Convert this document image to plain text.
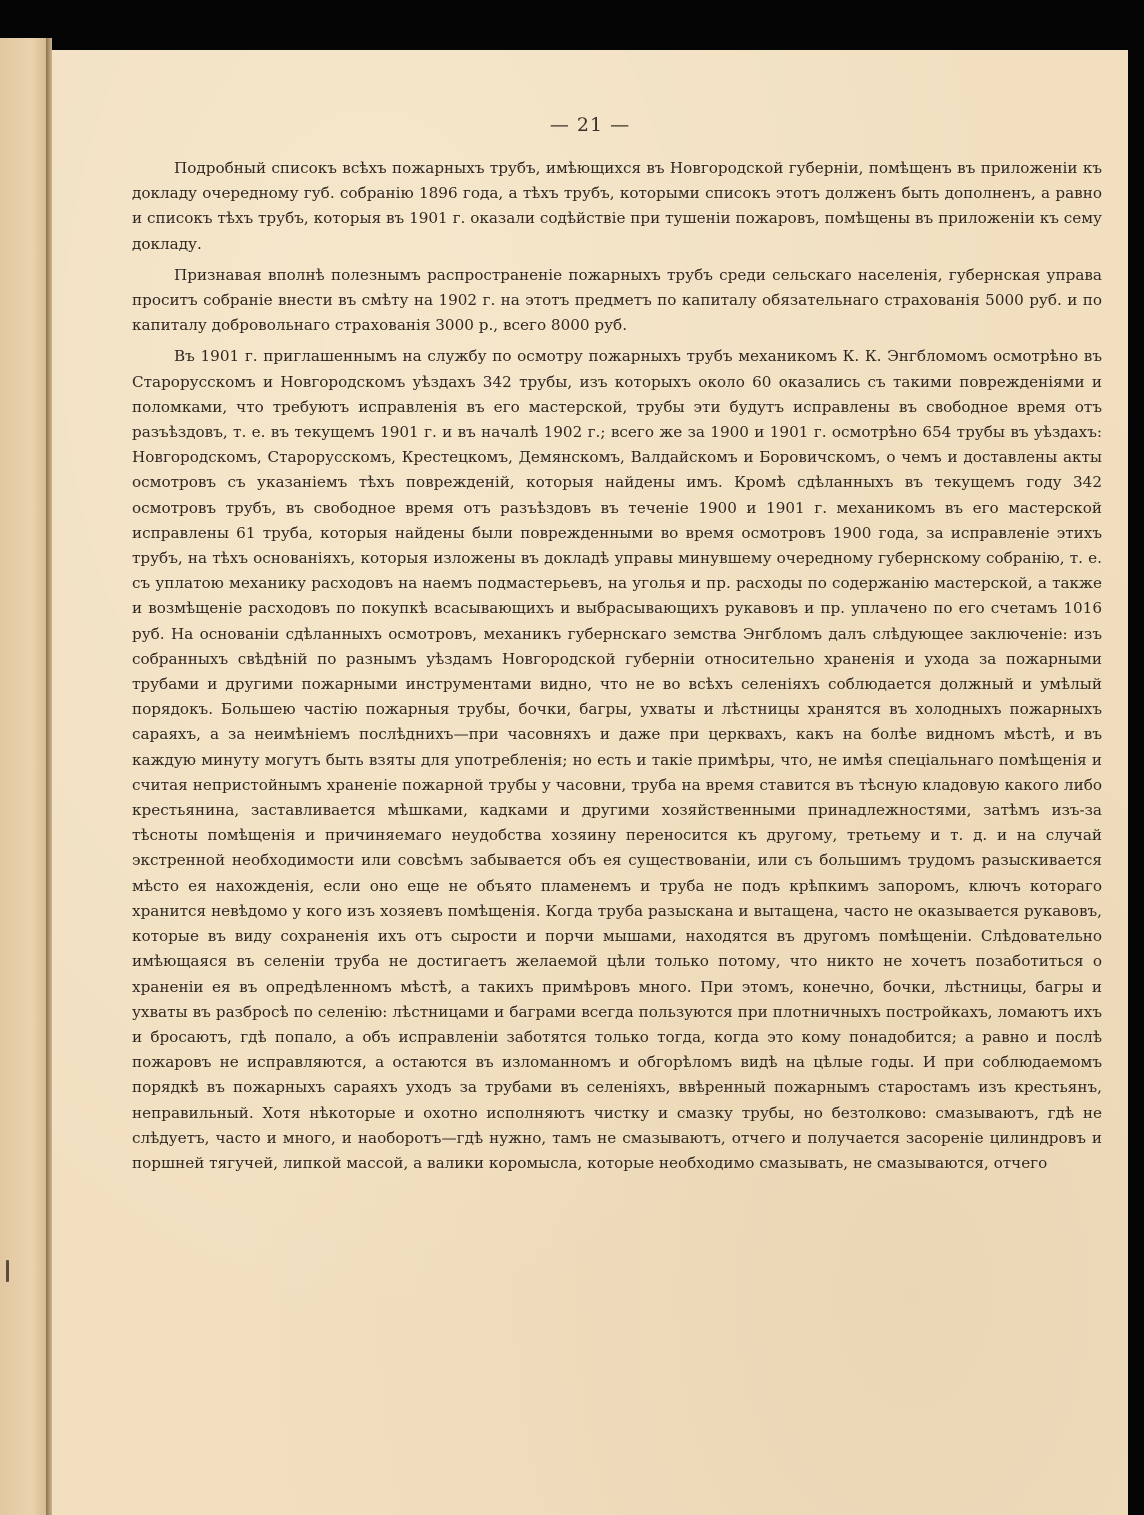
— 21 —

Подробный списокъ всѣхъ пожарныхъ трубъ, имѣющихся въ Новгородской губерніи, помѣщенъ въ приложеніи къ докладу очередному губ. собранію 1896 года, а тѣхъ трубъ, которыми списокъ этотъ долженъ быть дополненъ, а равно и списокъ тѣхъ трубъ, которыя въ 1901 г. оказали содѣйствіе при тушеніи пожаровъ, помѣщены въ приложеніи къ сему докладу.

Признавая вполнѣ полезнымъ распространеніе пожарныхъ трубъ среди сельскаго населенія, губернская управа проситъ собраніе внести въ смѣту на 1902 г. на этотъ предметъ по капиталу обязательнаго страхованія 5000 руб. и по капиталу добровольнаго страхованія 3000 р., всего 8000 руб.

Въ 1901 г. приглашеннымъ на службу по осмотру пожарныхъ трубъ механикомъ К. К. Энгбломомъ осмотрѣно въ Старорусскомъ и Новгородскомъ уѣздахъ 342 трубы, изъ которыхъ около 60 оказались съ такими поврежденіями и поломками, что требуютъ исправленія въ его мастерской, трубы эти будутъ исправлены въ свободное время отъ разъѣздовъ, т. е. въ текущемъ 1901 г. и въ началѣ 1902 г.; всего же за 1900 и 1901 г. осмотрѣно 654 трубы въ уѣздахъ: Новгородскомъ, Старорусскомъ, Крестецкомъ, Демянскомъ, Валдайскомъ и Боровичскомъ, о чемъ и доставлены акты осмотровъ съ указаніемъ тѣхъ повреждeній, которыя найдены имъ. Кромѣ сдѣланныхъ въ текущемъ году 342 осмотровъ трубъ, въ свободное время отъ разъѣздовъ въ теченіе 1900 и 1901 г. механикомъ въ его мастерской исправлены 61 труба, которыя найдены были поврежденными во время осмотровъ 1900 года, за исправленіе этихъ трубъ, на тѣхъ основаніяхъ, которыя изложены въ докладѣ управы минувшему очередному губернскому собранію, т. е. съ уплатою механику расходовъ на наемъ подмастерьевъ, на уголья и пр. расходы по содержанію мастерской, а также и возмѣщеніе расходовъ по покупкѣ всасывающихъ и выбрасывающихъ рукавовъ и пр. уплачено по его счетамъ 1016 руб. На основаніи сдѣланныхъ осмотровъ, механикъ губернскаго земства Энгбломъ далъ слѣдующее заключеніе: изъ собранныхъ свѣдѣній по разнымъ уѣздамъ Новгородской губерніи относительно храненія и ухода за пожарными трубами и другими пожарными инструментами видно, что не во всѣхъ селеніяхъ соблюдается должный и умѣлый порядокъ. Большею частію пожарныя трубы, бочки, багры, ухваты и лѣстницы хранятся въ холодныхъ пожарныхъ сараяхъ, а за неимѣніемъ послѣднихъ—при часовняхъ и даже при церквахъ, какъ на болѣе видномъ мѣстѣ, и въ каждую минуту могутъ быть взяты для употребленія; но есть и такіе примѣры, что, не имѣя спеціальнаго помѣщенія и считая непристойнымъ храненіе пожарной трубы у часовни, труба на время ставится въ тѣсную кладовую какого либо крестьянина, заставливается мѣшками, кадками и другими хозяйственными принадлежностями, затѣмъ изъ-за тѣсноты помѣщенія и причиняемаго неудобства хозяину переносится къ другому, третьему и т. д. и на случай экстренной необходимости или совсѣмъ забывается объ ея существованіи, или съ большимъ трудомъ разыскивается мѣсто ея нахожденія, если оно еще не объято пламенемъ и труба не подъ крѣпкимъ запоромъ, ключъ котораго хранится невѣдомо у кого изъ хозяевъ помѣщенія. Когда труба разыскана и вытащена, часто не оказывается рукавовъ, которые въ виду сохраненія ихъ отъ сырости и порчи мышами, находятся въ другомъ помѣщеніи. Слѣдовательно имѣющаяся въ селеніи труба не достигаетъ желаемой цѣли только потому, что никто не хочетъ позаботиться о храненіи ея въ опредѣленномъ мѣстѣ, а такихъ примѣровъ много. При этомъ, конечно, бочки, лѣстницы, багры и ухваты въ разбросѣ по селенію: лѣстницами и баграми всегда пользуются при плотничныхъ постройкахъ, ломаютъ ихъ и бросаютъ, гдѣ попало, а объ исправленіи заботятся только тогда, когда это кому понадобится; а равно и послѣ пожаровъ не исправляются, а остаются въ изломанномъ и обгорѣломъ видѣ на цѣлые годы. И при соблюдаемомъ порядкѣ въ пожарныхъ сараяхъ уходъ за трубами въ селеніяхъ, ввѣренный пожарнымъ старостамъ изъ крестьянъ, неправильный. Хотя нѣкоторые и охотно исполняютъ чистку и смазку трубы, но безтолково: смазываютъ, гдѣ не слѣдуетъ, часто и много, и наоборотъ—гдѣ нужно, тамъ не смазываютъ, отчего и получается засореніе цилиндровъ и поршней тягучей, липкой массой, а валики коромысла, которые необходимо смазывать, не смазываются, отчего
